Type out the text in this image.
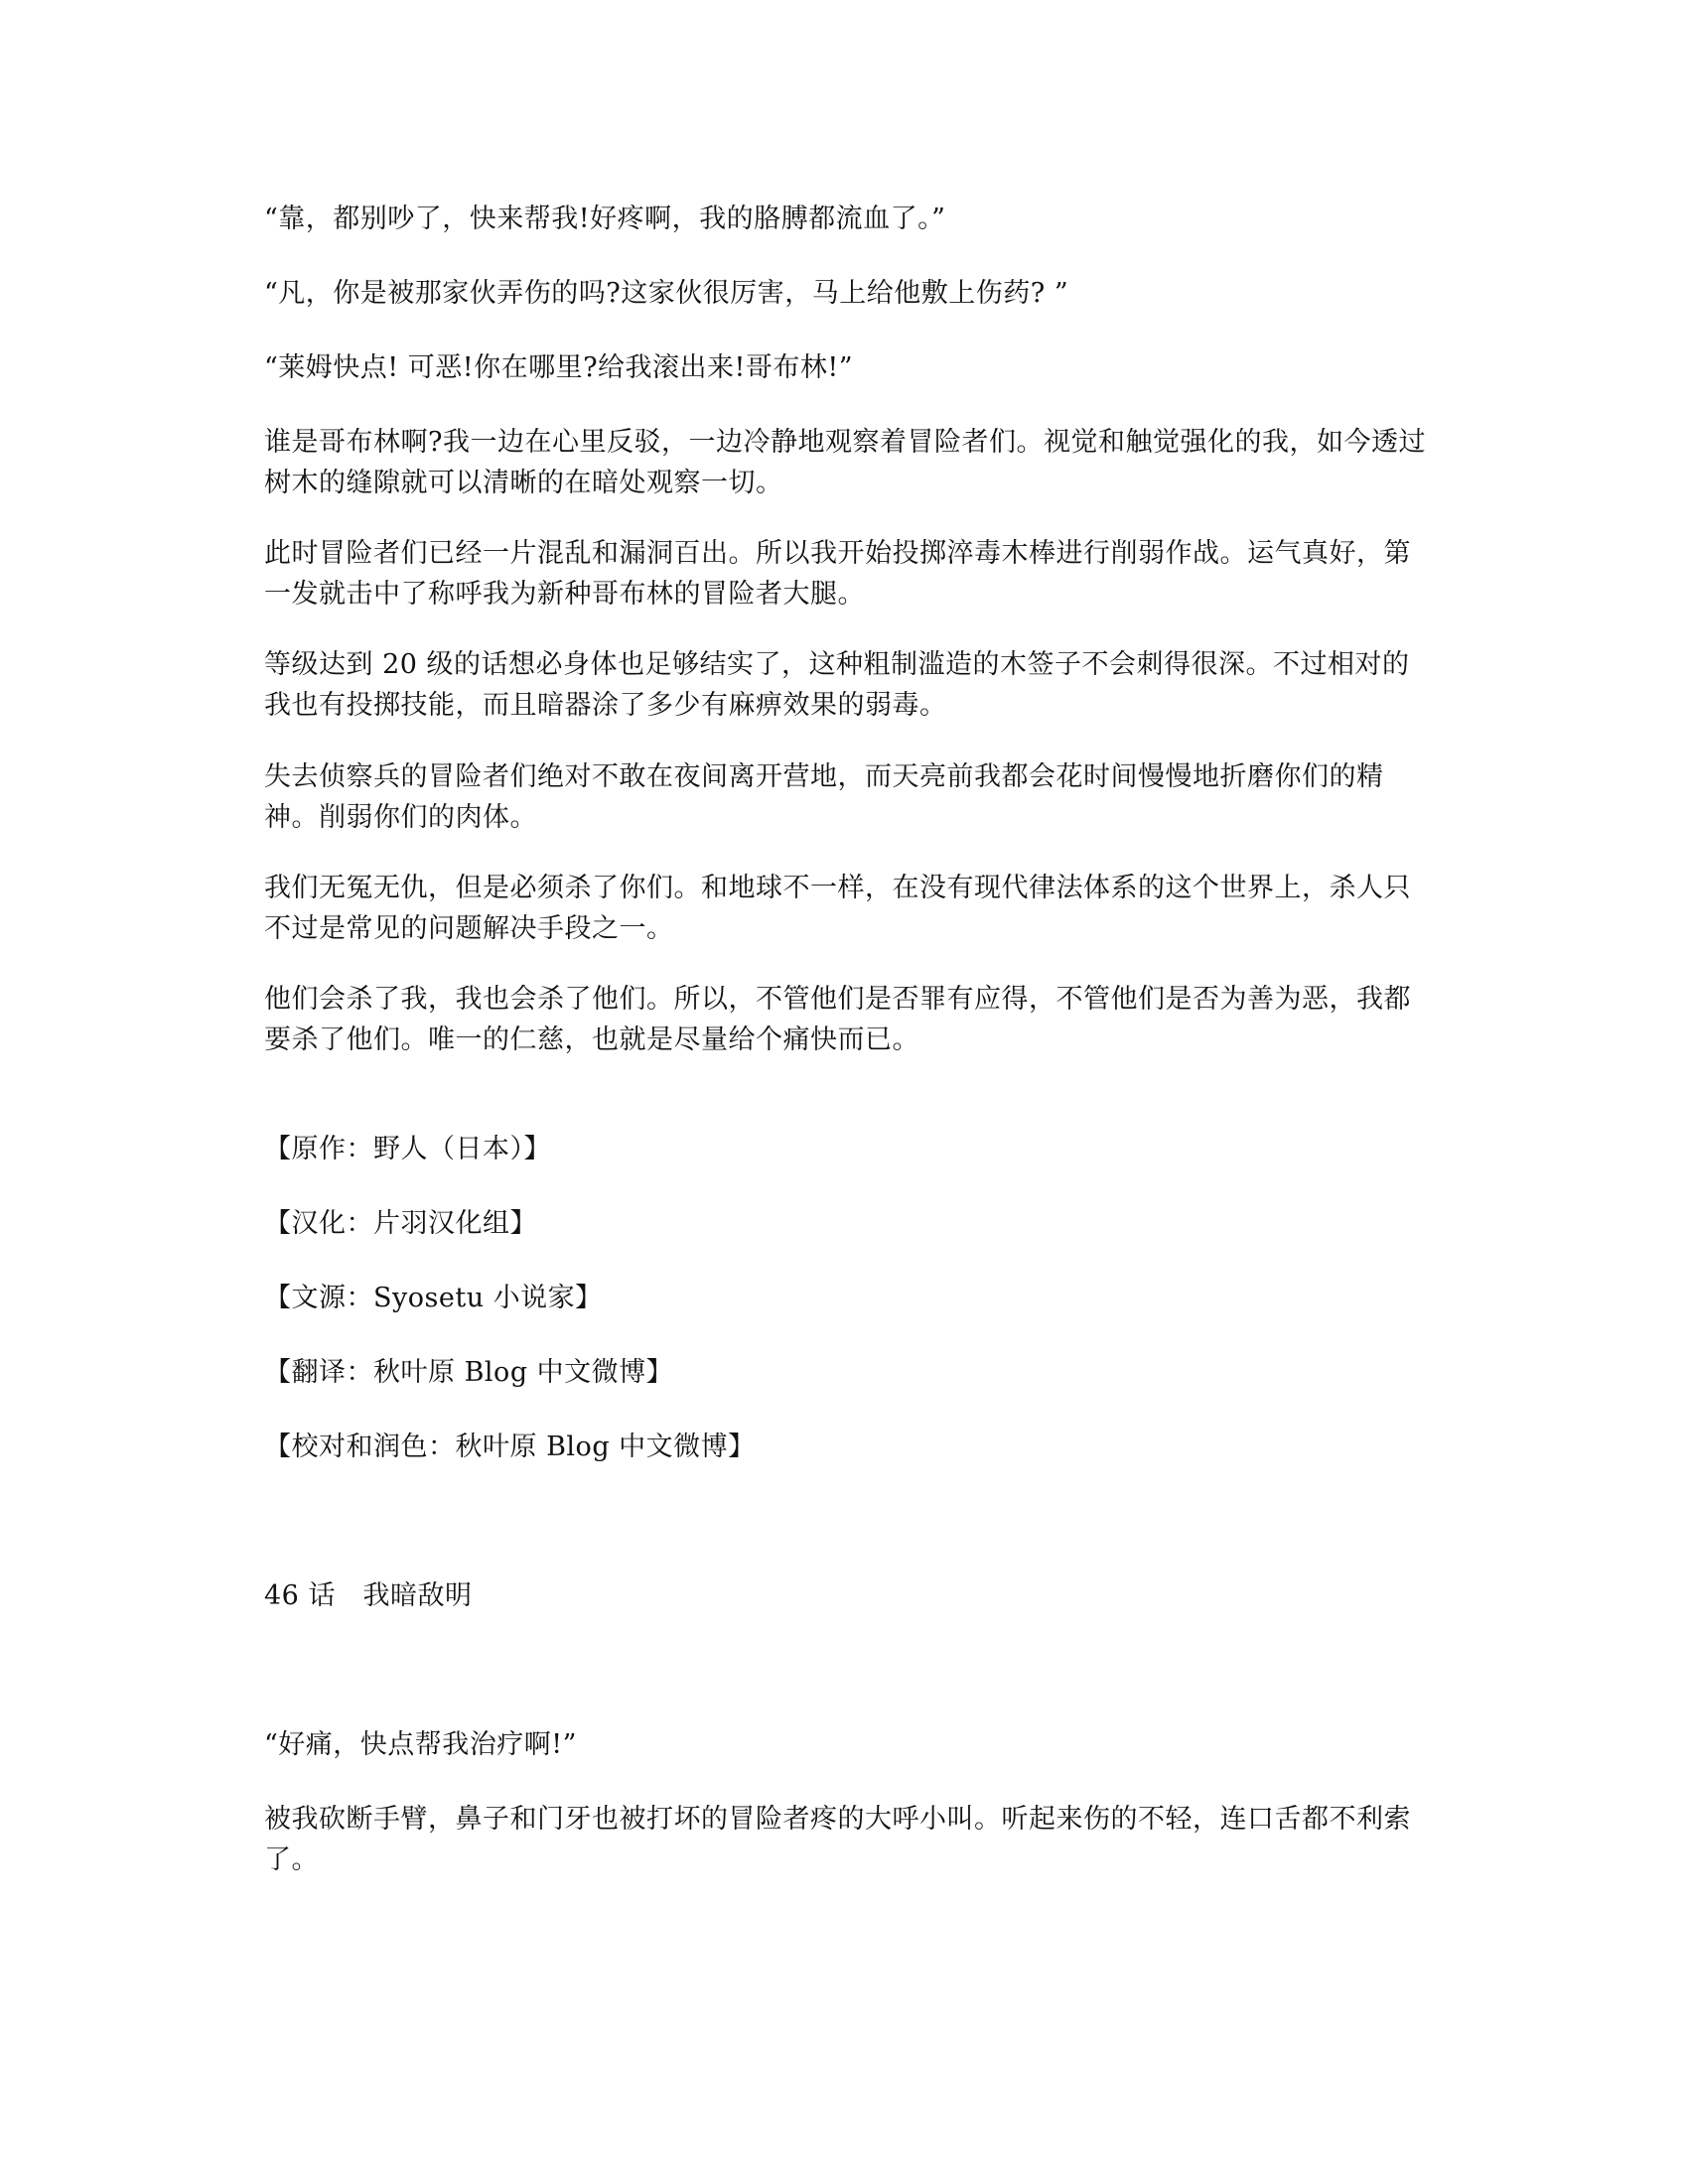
“靠，都别吵了，快来帮我!好疼啊，我的胳膊都流血了。”

“凡，你是被那家伙弄伤的吗?这家伙很厉害，马上给他敷上伤药? ”

“莱姆快点! 可恶!你在哪里?给我滚出来!哥布林!”

谁是哥布林啊?我一边在心里反驳，一边冷静地观察着冒险者们。视觉和触觉强化的我，如今透过树木的缝隙就可以清晰的在暗处观察一切。

此时冒险者们已经一片混乱和漏洞百出。所以我开始投掷淬毒木棒进行削弱作战。运气真好，第一发就击中了称呼我为新种哥布林的冒险者大腿。

等级达到 20 级的话想必身体也足够结实了，这种粗制滥造的木签子不会刺得很深。不过相对的我也有投掷技能，而且暗器涂了多少有麻痹效果的弱毒。

失去侦察兵的冒险者们绝对不敢在夜间离开营地，而天亮前我都会花时间慢慢地折磨你们的精神。削弱你们的肉体。

我们无冤无仇，但是必须杀了你们。和地球不一样，在没有现代律法体系的这个世界上，杀人只不过是常见的问题解决手段之一。

他们会杀了我，我也会杀了他们。所以，不管他们是否罪有应得，不管他们是否为善为恶，我都要杀了他们。唯一的仁慈，也就是尽量给个痛快而已。

【原作：野人（日本）】

【汉化：片羽汉化组】

【文源：Syosetu 小说家】

【翻译：秋叶原 Blog 中文微博】

【校对和润色：秋叶原 Blog 中文微博】

46 话　我暗敌明

“好痛，快点帮我治疗啊!”

被我砍断手臂，鼻子和门牙也被打坏的冒险者疼的大呼小叫。听起来伤的不轻，连口舌都不利索了。
